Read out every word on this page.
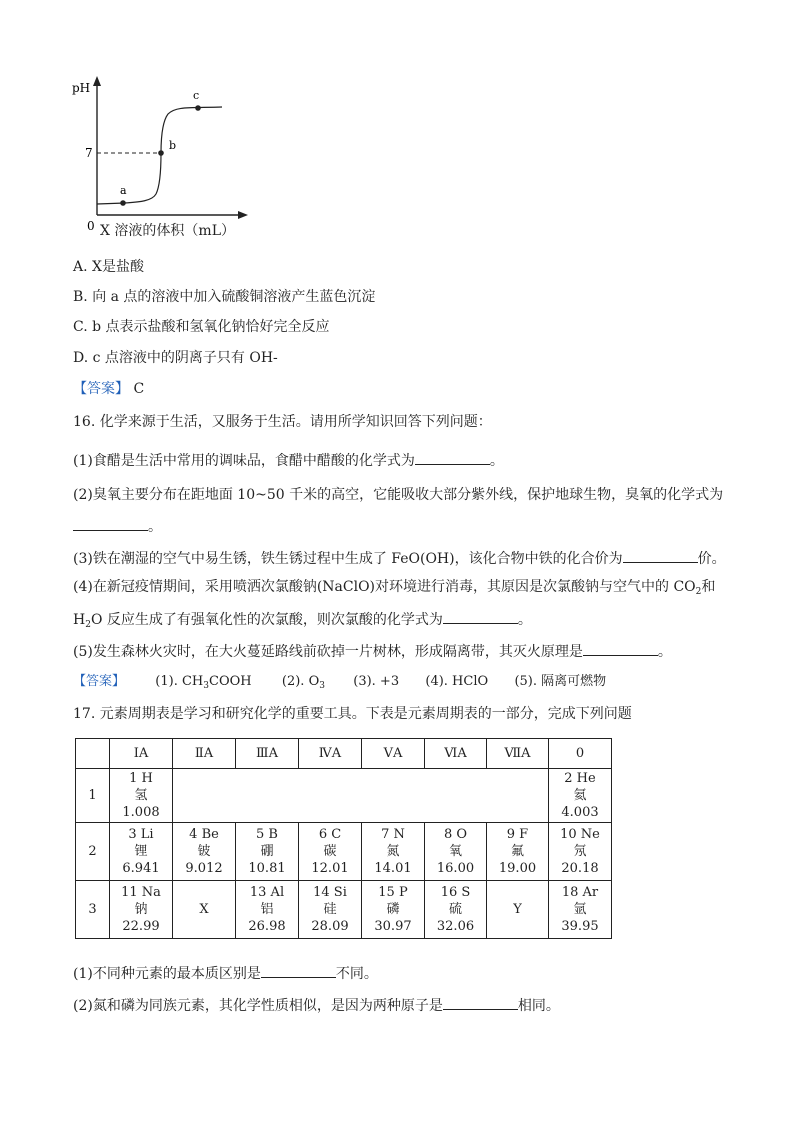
pH
7
0
a
b
c
X 溶液的体积（mL）
A. X是盐酸
B. 向 a 点的溶液中加入硫酸铜溶液产生蓝色沉淀
C. b 点表示盐酸和氢氧化钠恰好完全反应
D. c 点溶液中的阴离子只有 OH-
【答案】 C
16. 化学来源于生活，又服务于生活。请用所学知识回答下列问题：
(1)食醋是生活中常用的调味品，食醋中醋酸的化学式为	。
(2)臭氧主要分布在距地面 10~50 千米的高空，它能吸收大部分紫外线，保护地球生物，臭氧的化学式为
。
(3)铁在潮湿的空气中易生锈，铁生锈过程中生成了 FeO(OH)，该化合物中铁的化合价为	价。
(4)在新冠疫情期间，采用喷洒次氯酸钠(NaClO)对环境进行消毒，其原因是次氯酸钠与空气中的 $CO_2$和
$H_2O$ 反应生成了有强氧化性的次氯酸，则次氯酸的化学式为	。
(5)发生森林火灾时，在大火蔓延路线前砍掉一片树林，形成隔离带，其灭火原理是	。
【答案】 (1). $CH_3COOH$ (2). $O_3$ (3). +3 (4). HClO (5). 隔离可燃物
17. 元素周期表是学习和研究化学的重要工具。下表是元素周期表的一部分，完成下列问题
	ⅠA	ⅡA	ⅢA	ⅣA	ⅤA	ⅥA	ⅦA	0
1	1 H
氢
1.008							2 He
氦
4.003

2	3 Li
锂
6.941	4 Be
铍
9.012	5 B
硼
10.81	6 C
碳
12.01	7 N
氮
14.01	8 O
氧
16.00	9 F
氟
19.00	10 Ne
氖
20.18

3	11 Na
钠
22.99	X	13 Al
铝
26.98	14 Si
硅
28.09	15 P
磷
30.97	16 S
硫
32.06	Y	18 Ar
氩
39.95
(1)不同种元素的最本质区别是	不同。
(2)氮和磷为同族元素，其化学性质相似，是因为两种原子是	相同。
